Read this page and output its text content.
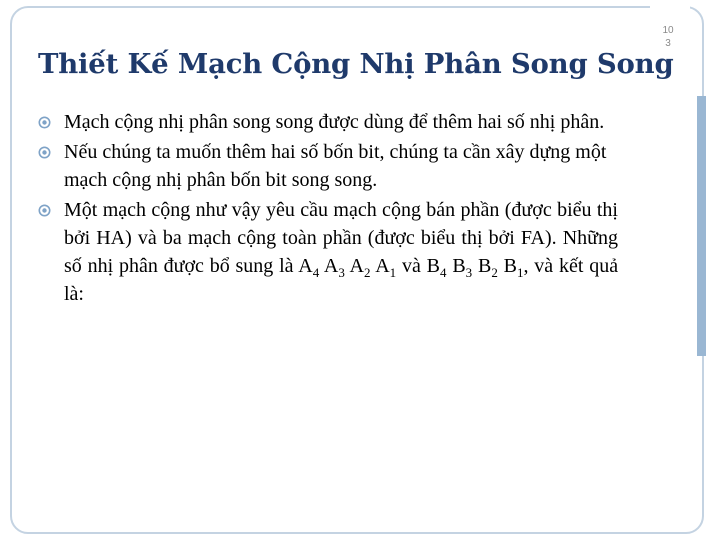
10
3
Thiết Kế Mạch Cộng Nhị Phân Song Song
Mạch cộng nhị phân song song được dùng để thêm hai số nhị phân.
Nếu chúng ta muốn thêm hai số bốn bit, chúng ta cần xây dựng một mạch cộng nhị phân bốn bit song song.
Một mạch cộng như vậy yêu cầu mạch cộng bán phần (được biểu thị bởi HA) và ba mạch cộng toàn phần (được biểu thị bởi FA). Những số nhị phân được bổ sung là $A_4$ $A_3$ $A_2$ $A_1$ và $B_4$ $B_3$ $B_2$ $B_1$, và kết quả là:
